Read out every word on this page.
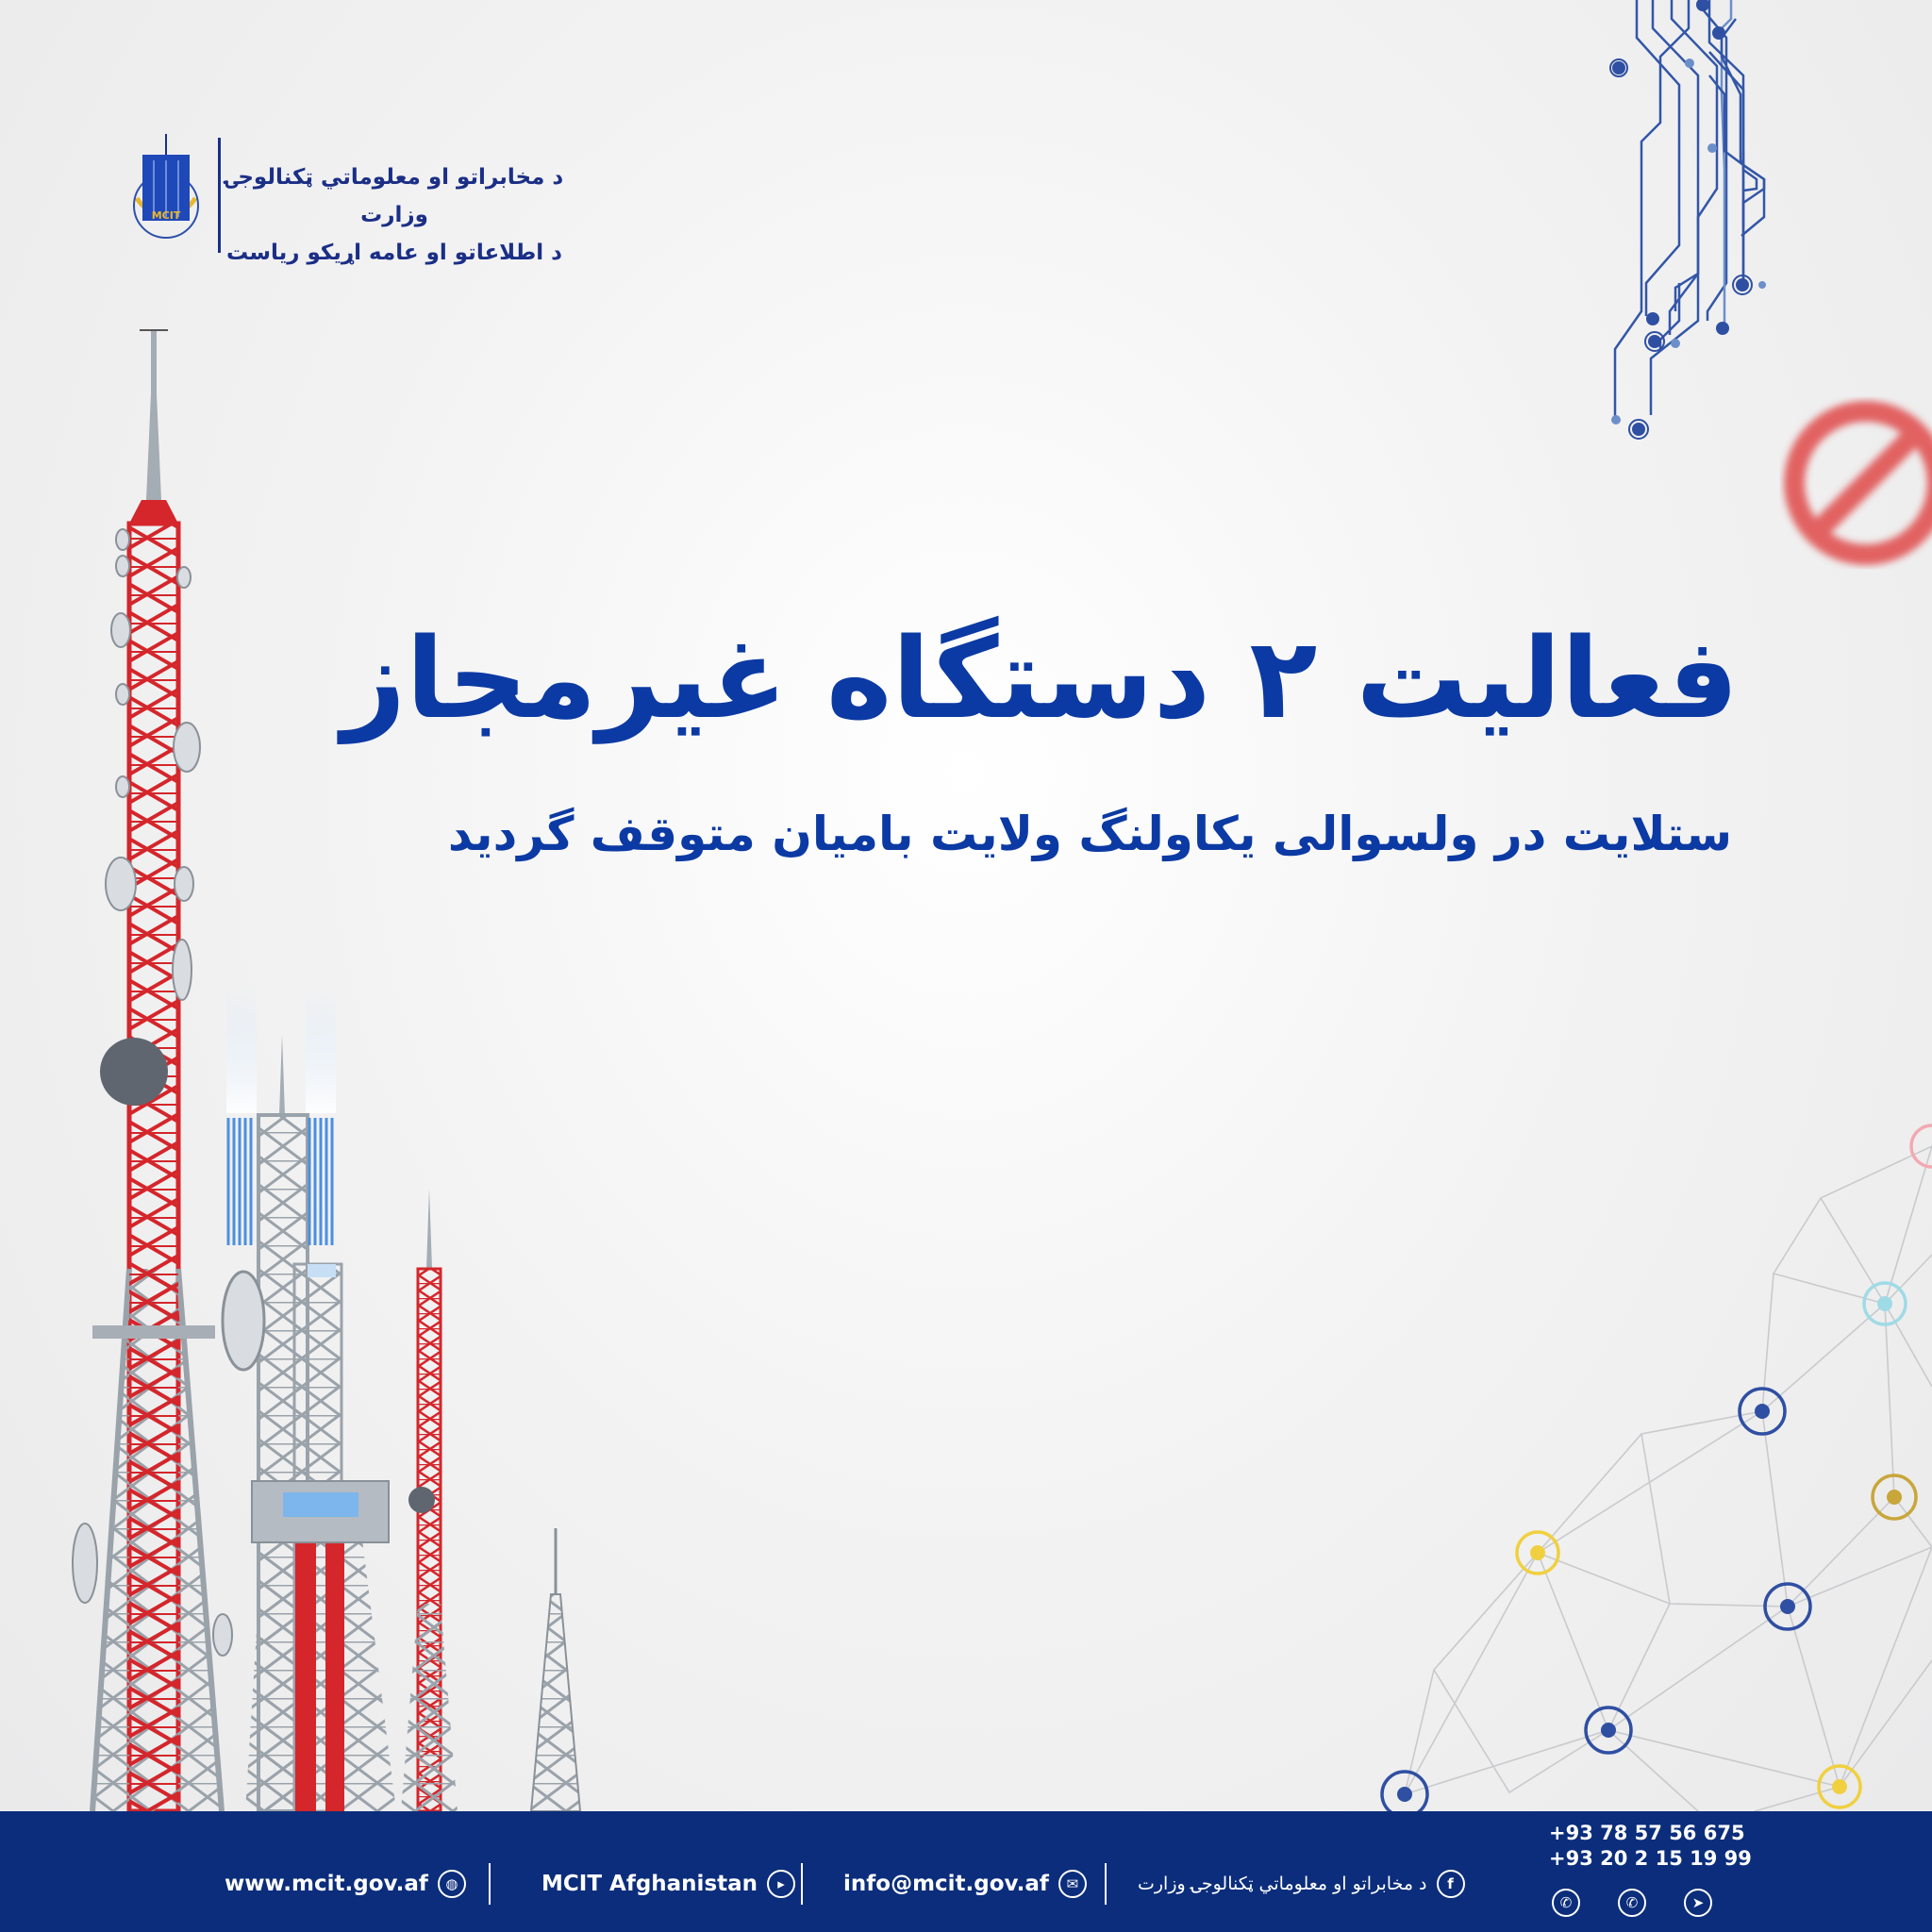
MCIT
د مخابراتو او معلوماتي ټکنالوجۍ وزارت
د اطلاعاتو او عامه اړیکو ریاست
فعالیت ۲ دستگاه غیرمجاز
ستلایت در ولسوالی یکاولنگ ولایت بامیان متوقف گردید
www.mcit.gov.af	◍	MCIT Afghanistan	▸	info@mcit.gov.af	✉	د مخابراتو او معلوماتي ټکنالوجۍ وزارت	f
+93 78 57 56 675
+93 20 2 15 19 99
✆	✆	➤
